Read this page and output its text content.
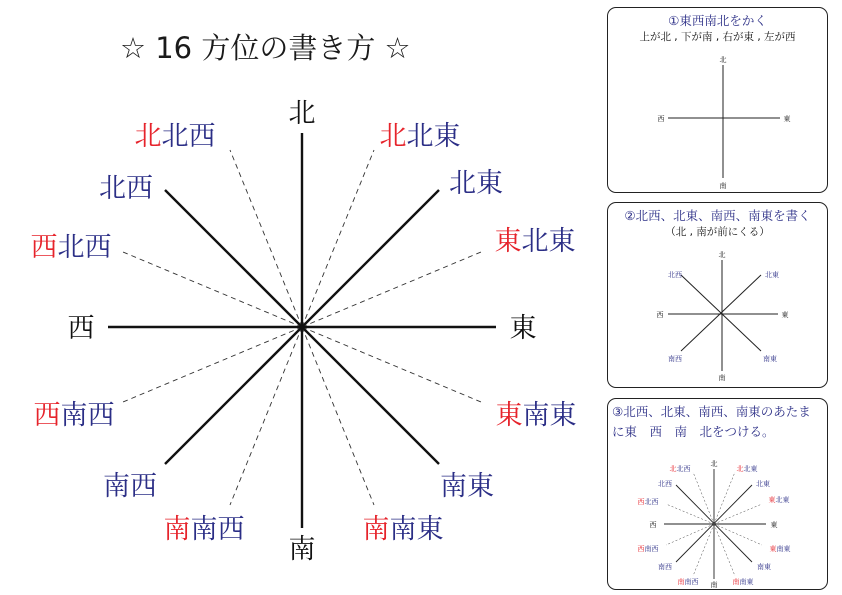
☆ 16 方位の書き方 ☆
北
南
東
西
北西	北東
南西	南東
北北西	北北東
西北西	東北東
西南西	東南東
南南西	南南東
①東西南北をかく
上が北 , 下が南 , 右が東 , 左が西
北
南
東
西
②北西、北東、南西、南東を書く
（北 , 南が前にくる）
北
南
東
西
北西	北東
南西	南東
③北西、北東、南西、南東のあたま
に東　西　南　北をつける。
北
南
東
西
北西	北東
南西	南東
北北西	北北東
西北西	東北東
西南西	東南東
南南西	南南東
